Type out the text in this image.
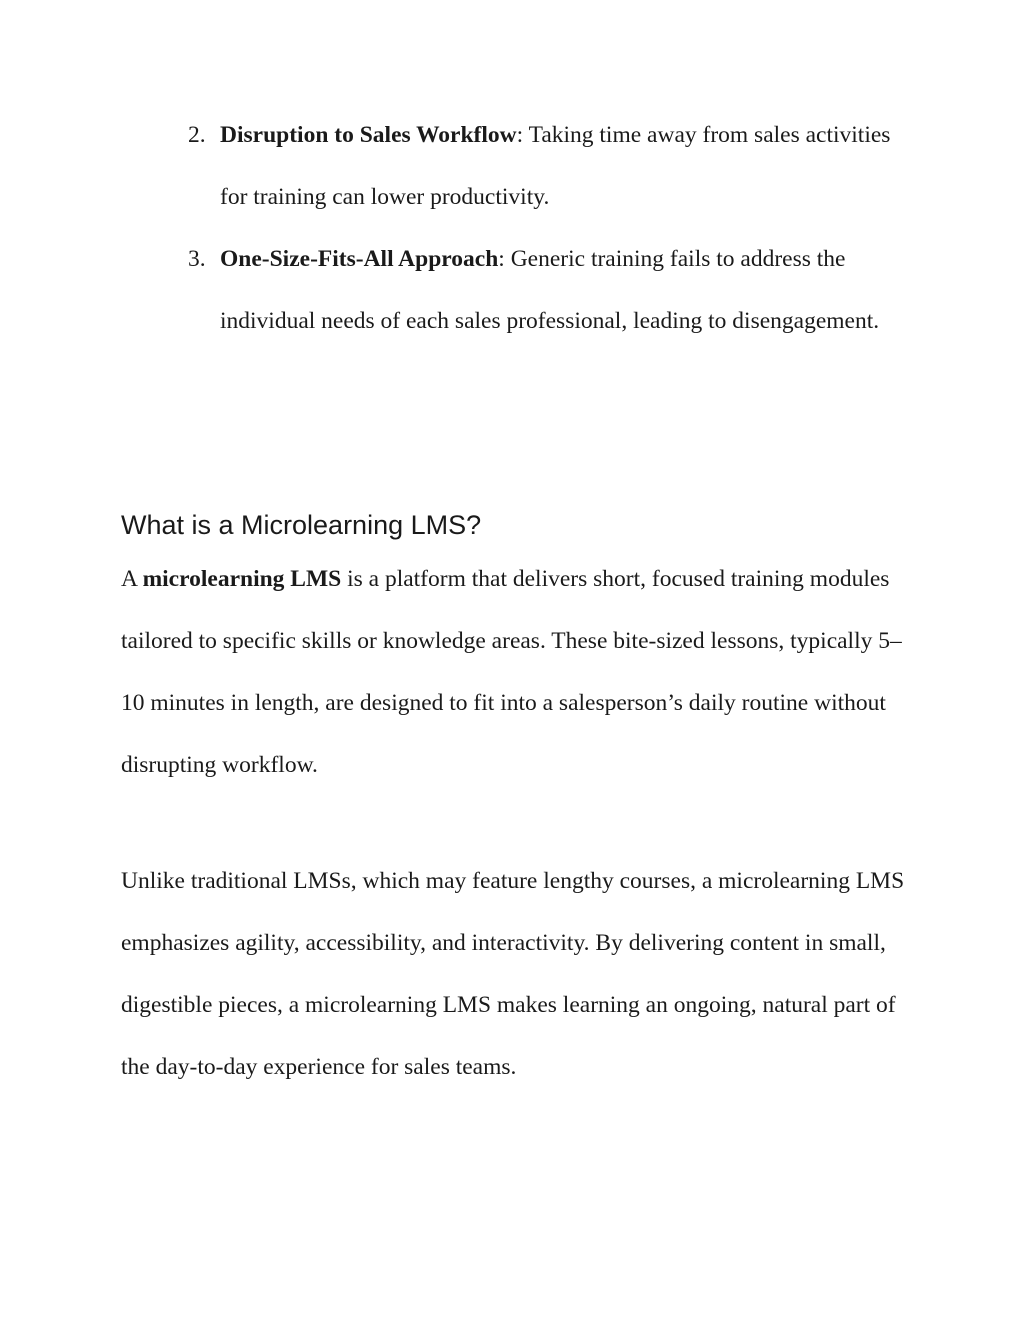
2. Disruption to Sales Workflow: Taking time away from sales activities for training can lower productivity.
3. One-Size-Fits-All Approach: Generic training fails to address the individual needs of each sales professional, leading to disengagement.
What is a Microlearning LMS?

A microlearning LMS is a platform that delivers short, focused training modules tailored to specific skills or knowledge areas. These bite-sized lessons, typically 5–10 minutes in length, are designed to fit into a salesperson’s daily routine without disrupting workflow.

Unlike traditional LMSs, which may feature lengthy courses, a microlearning LMS emphasizes agility, accessibility, and interactivity. By delivering content in small, digestible pieces, a microlearning LMS makes learning an ongoing, natural part of the day-to-day experience for sales teams.
